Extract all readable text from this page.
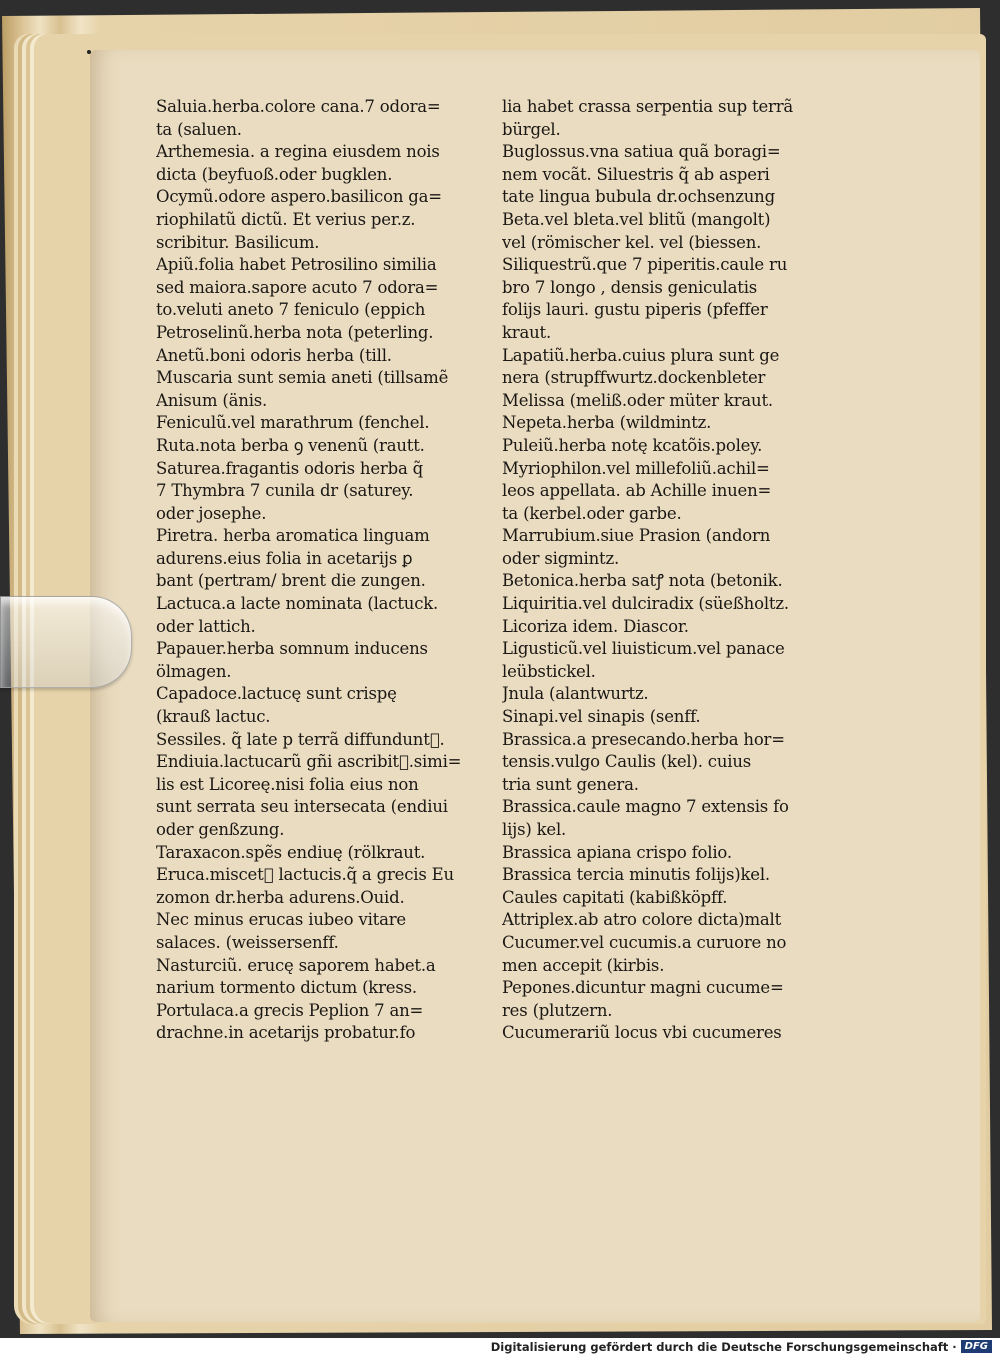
Saluia.herba.colore cana.7 odora=
ta (saluen.
Arthemesia. a regina eiusdem nois
dicta (beyfuoß.oder bugklen.
Ocymũ.odore aspero.basilicon ga=
riophilatũ dictũ. Et verius per.z.
scribitur. Basilicum.
Apiũ.folia habet Petrosilino similia
sed maiora.sapore acuto 7 odora=
to.veluti aneto 7 feniculo (eppich
Petroselinũ.herba nota (peterling.
Anetũ.boni odoris herba (till.
Muscaria sunt semia aneti (tillsamẽ
Anisum (änis.
Feniculũ.vel marathrum (fenchel.
Ruta.nota berba ꝯ venenũ (rautt.
Saturea.fragantis odoris herba q̃
7 Thymbra 7 cunila dr (saturey.
oder josephe.
Piretra. herba aromatica linguam
adurens.eius folia in acetarijs ꝑ
bant (pertram/ brent die zungen.
Lactuca.a lacte nominata (lactuck.
oder lattich.
Papauer.herba somnum inducens
ölmagen.
Capadoce.lactucę sunt crispę
(krauß lactuc.
Sessiles. q̃ late p terrã diffunduntᷣ.
Endiuia.lactucarũ gñi ascribitᷣ.simi=
lis est Licoreę.nisi folia eius non
sunt serrata seu intersecata (endiui
oder genßzung.
Taraxacon.spẽs endiuę (rölkraut.
Eruca.miscetᷣ lactucis.q̃ a grecis Eu
zomon dr.herba adurens.Ouid.
Nec minus erucas iubeo vitare
salaces. (weissersenff.
Nasturciũ. erucę saporem habet.a
narium tormento dictum (kress.
Portulaca.a grecis Peplion 7 an=
drachne.in acetarijs probatur.fo
lia habet crassa serpentia sup terrã
bürgel.
Buglossus.vna satiua quã boragi=
nem vocãt. Siluestris q̃ ab asperi
tate lingua bubula dr.ochsenzung
Beta.vel bleta.vel blitũ (mangolt)
vel (römischer kel. vel (biessen.
Siliquestrũ.que 7 piperitis.caule ru
bro 7 longo , densis geniculatis
folijs lauri. gustu piperis (pfeffer
kraut.
Lapatiũ.herba.cuius plura sunt ge
nera (strupffwurtz.dockenbleter
Melissa (meliß.oder müter kraut.
Nepeta.herba (wildmintz.
Puleiũ.herba notę kcatõis.poley.
Myriophilon.vel millefoliũ.achil=
leos appellata. ab Achille inuen=
ta (kerbel.oder garbe.
Marrubium.siue Prasion (andorn
oder sigmintz.
Betonica.herba satꝭ nota (betonik.
Liquiritia.vel dulciradix (süeßholtz.
Licoriza idem. Diascor.
Ligusticũ.vel liuisticum.vel panace
leübstickel.
Jnula (alantwurtz.
Sinapi.vel sinapis (senff.
Brassica.a presecando.herba hor=
tensis.vulgo Caulis (kel). cuius
tria sunt genera.
Brassica.caule magno 7 extensis fo
lijs) kel.
Brassica apiana crispo folio.
Brassica tercia minutis folijs)kel.
Caules capitati (kabißköpff.
Attriplex.ab atro colore dicta)malt
Cucumer.vel cucumis.a curuore no
men accepit (kirbis.
Pepones.dicuntur magni cucume=
res (plutzern.
Cucumerariũ locus vbi cucumeres
Digitalisierung gefördert durch die Deutsche Forschungsgemeinschaft · DFG
